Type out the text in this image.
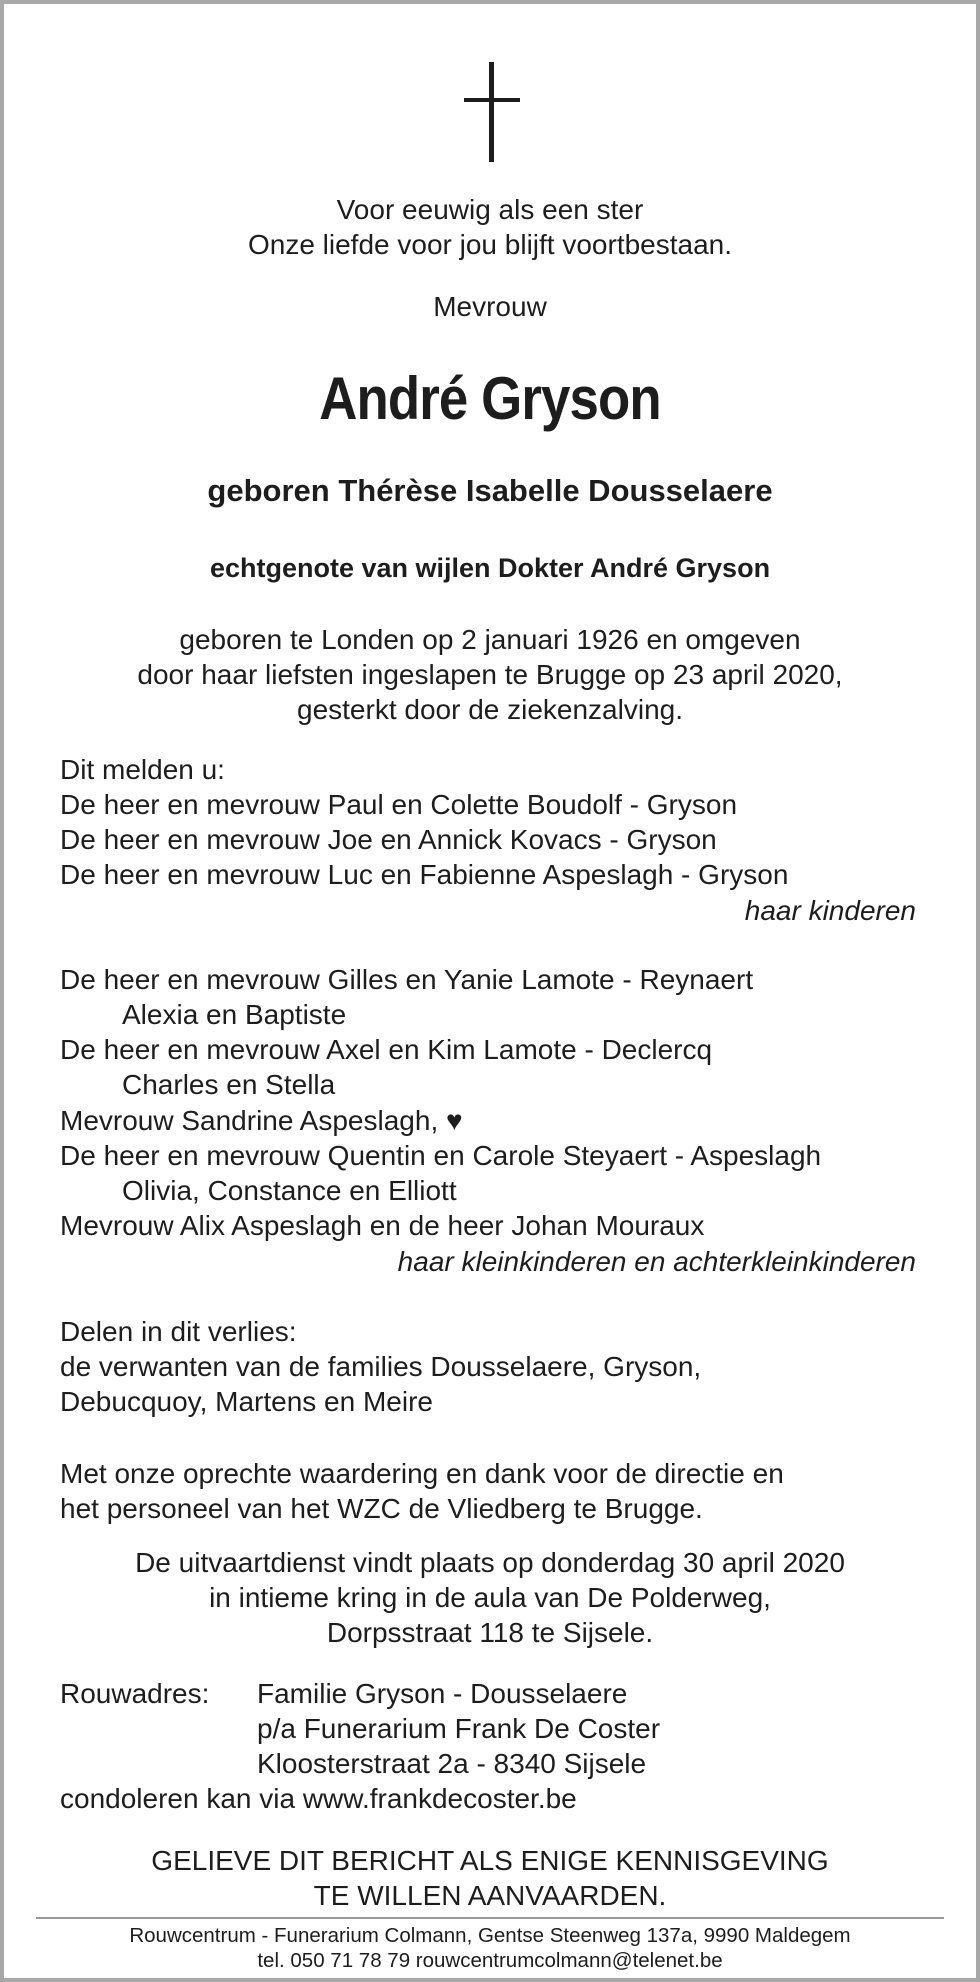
Voor eeuwig als een ster
Onze liefde voor jou blijft voortbestaan.
Mevrouw
André Gryson
geboren Thérèse Isabelle Dousselaere
echtgenote van wijlen Dokter André Gryson
geboren te Londen op 2 januari 1926 en omgeven
door haar liefsten ingeslapen te Brugge op 23 april 2020,
gesterkt door de ziekenzalving.
Dit melden u:
De heer en mevrouw Paul en Colette Boudolf - Gryson
De heer en mevrouw Joe en Annick Kovacs - Gryson
De heer en mevrouw Luc en Fabienne Aspeslagh - Gryson
haar kinderen
De heer en mevrouw Gilles en Yanie Lamote - Reynaert
Alexia en Baptiste
De heer en mevrouw Axel en Kim Lamote - Declercq
Charles en Stella
Mevrouw Sandrine Aspeslagh, ♥
De heer en mevrouw Quentin en Carole Steyaert - Aspeslagh
Olivia, Constance en Elliott
Mevrouw Alix Aspeslagh en de heer Johan Mouraux
haar kleinkinderen en achterkleinkinderen
Delen in dit verlies:
de verwanten van de families Dousselaere, Gryson,
Debucquoy, Martens en Meire
Met onze oprechte waardering en dank voor de directie en
het personeel van het WZC de Vliedberg te Brugge.
De uitvaartdienst vindt plaats op donderdag 30 april 2020
in intieme kring in de aula van De Polderweg,
Dorpsstraat 118 te Sijsele.
Rouwadres: Familie Gryson - Dousselaere
p/a Funerarium Frank De Coster
Kloosterstraat 2a - 8340 Sijsele
condoleren kan via www.frankdecoster.be
GELIEVE DIT BERICHT ALS ENIGE KENNISGEVING
TE WILLEN AANVAARDEN.
Rouwcentrum - Funerarium Colmann, Gentse Steenweg 137a, 9990 Maldegem
tel. 050 71 78 79 rouwcentrumcolmann@telenet.be
